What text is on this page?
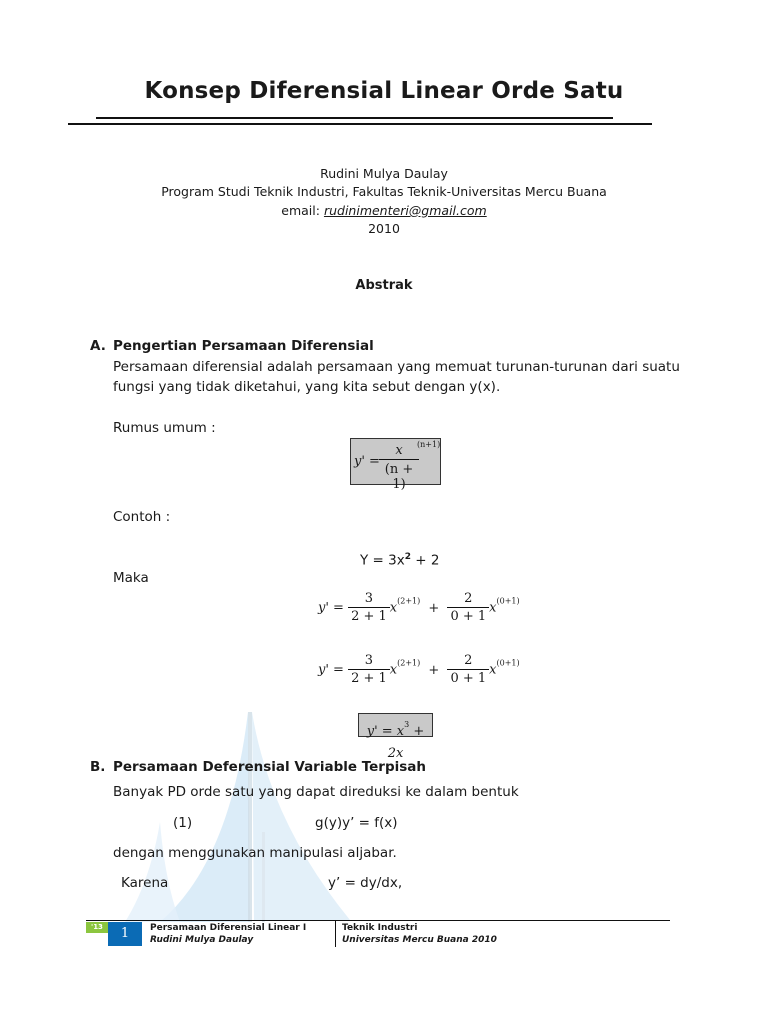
Konsep Diferensial Linear Orde Satu
Rudini Mulya Daulay
Program Studi Teknik Industri, Fakultas Teknik-Universitas Mercu Buana
email: rudinimenteri@gmail.com
2010
Abstrak
A. Pengertian Persamaan Diferensial
Persamaan diferensial adalah persamaan yang memuat turunan-turunan dari suatu
fungsi yang tidak diketahui, yang kita sebut dengan y(x).
Rumus umum :
y' =
x
(n + 1)
(n+1)
Contoh :
$Y = 3x^2 + 2$
Maka
$y' = \frac{3}{2 + 1} x^{(2+1)} + \frac{2}{0 + 1} x^{(0+1)}$
$y' = \frac{3}{2 + 1} x^{(2+1)} + \frac{2}{0 + 1} x^{(0+1)}$
$y' = x^3 + 2x$
B. Persamaan Deferensial Variable Terpisah
Banyak PD orde satu yang dapat direduksi ke dalam bentuk
(1)	g(y)y’ = f(x)
dengan menggunakan manipulasi aljabar.
Karena	y’ = dy/dx,
'13	1	Persamaan Diferensial Linear I
Rudini Mulya Daulay
Teknik Industri
Universitas Mercu Buana 2010
